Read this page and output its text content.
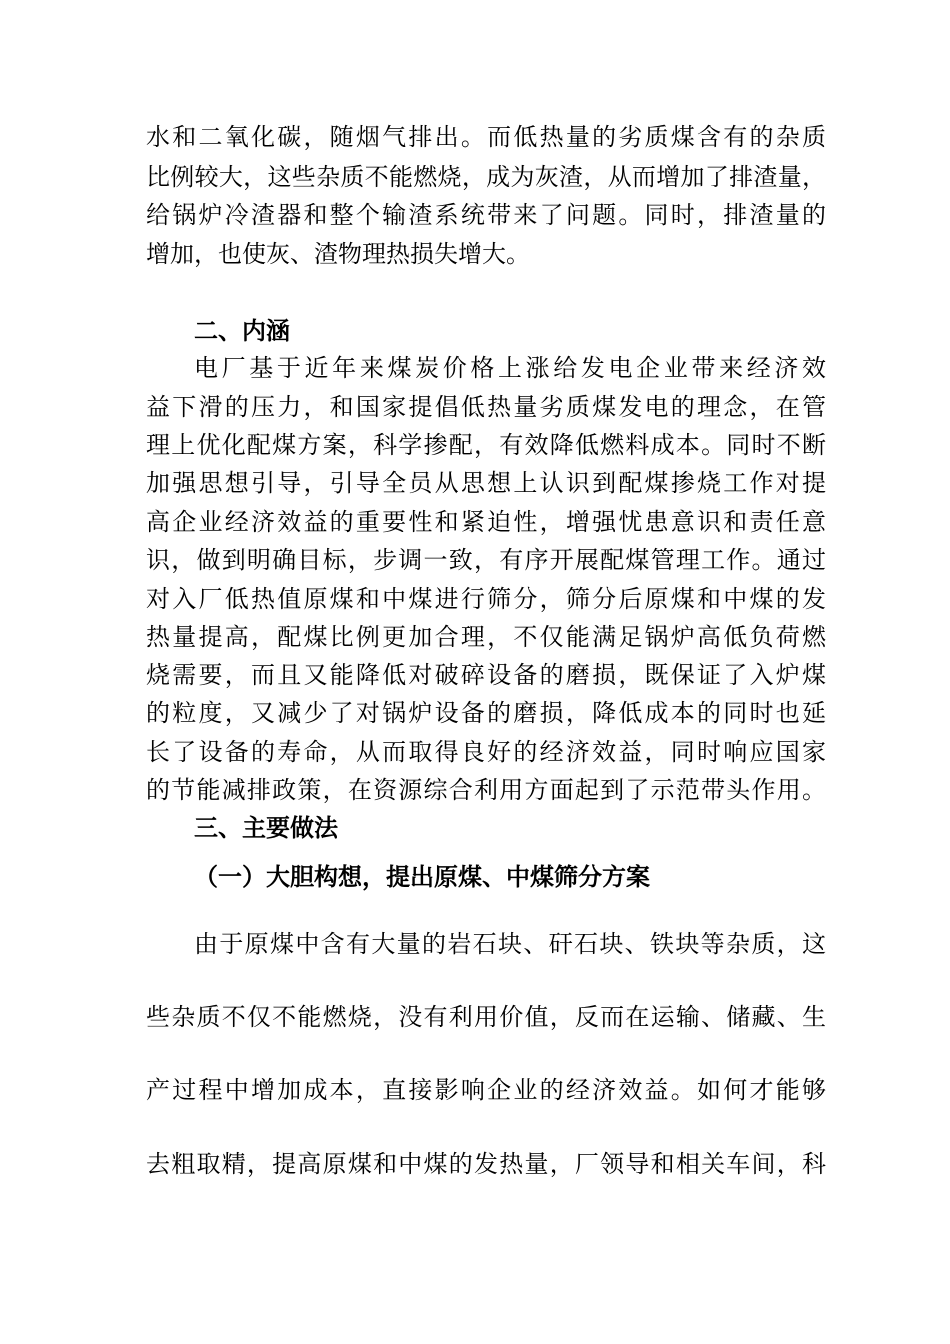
水和二氧化碳，随烟气排出。而低热量的劣质煤含有的杂质
比例较大，这些杂质不能燃烧，成为灰渣，从而增加了排渣量，
给锅炉冷渣器和整个输渣系统带来了问题。同时，排渣量的
增加，也使灰、渣物理热损失增大。
二、内涵
电厂基于近年来煤炭价格上涨给发电企业带来经济效
益下滑的压力，和国家提倡低热量劣质煤发电的理念，在管
理上优化配煤方案，科学掺配，有效降低燃料成本。同时不断
加强思想引导，引导全员从思想上认识到配煤掺烧工作对提
高企业经济效益的重要性和紧迫性，增强忧患意识和责任意
识，做到明确目标，步调一致，有序开展配煤管理工作。通过
对入厂低热值原煤和中煤进行筛分，筛分后原煤和中煤的发
热量提高，配煤比例更加合理，不仅能满足锅炉高低负荷燃
烧需要，而且又能降低对破碎设备的磨损，既保证了入炉煤
的粒度，又减少了对锅炉设备的磨损，降低成本的同时也延
长了设备的寿命，从而取得良好的经济效益，同时响应国家
的节能减排政策，在资源综合利用方面起到了示范带头作用。
三、主要做法
（一）大胆构想，提出原煤、中煤筛分方案
由于原煤中含有大量的岩石块、矸石块、铁块等杂质，这
些杂质不仅不能燃烧，没有利用价值，反而在运输、储藏、生
产过程中增加成本，直接影响企业的经济效益。如何才能够
去粗取精，提高原煤和中煤的发热量，厂领导和相关车间，科
